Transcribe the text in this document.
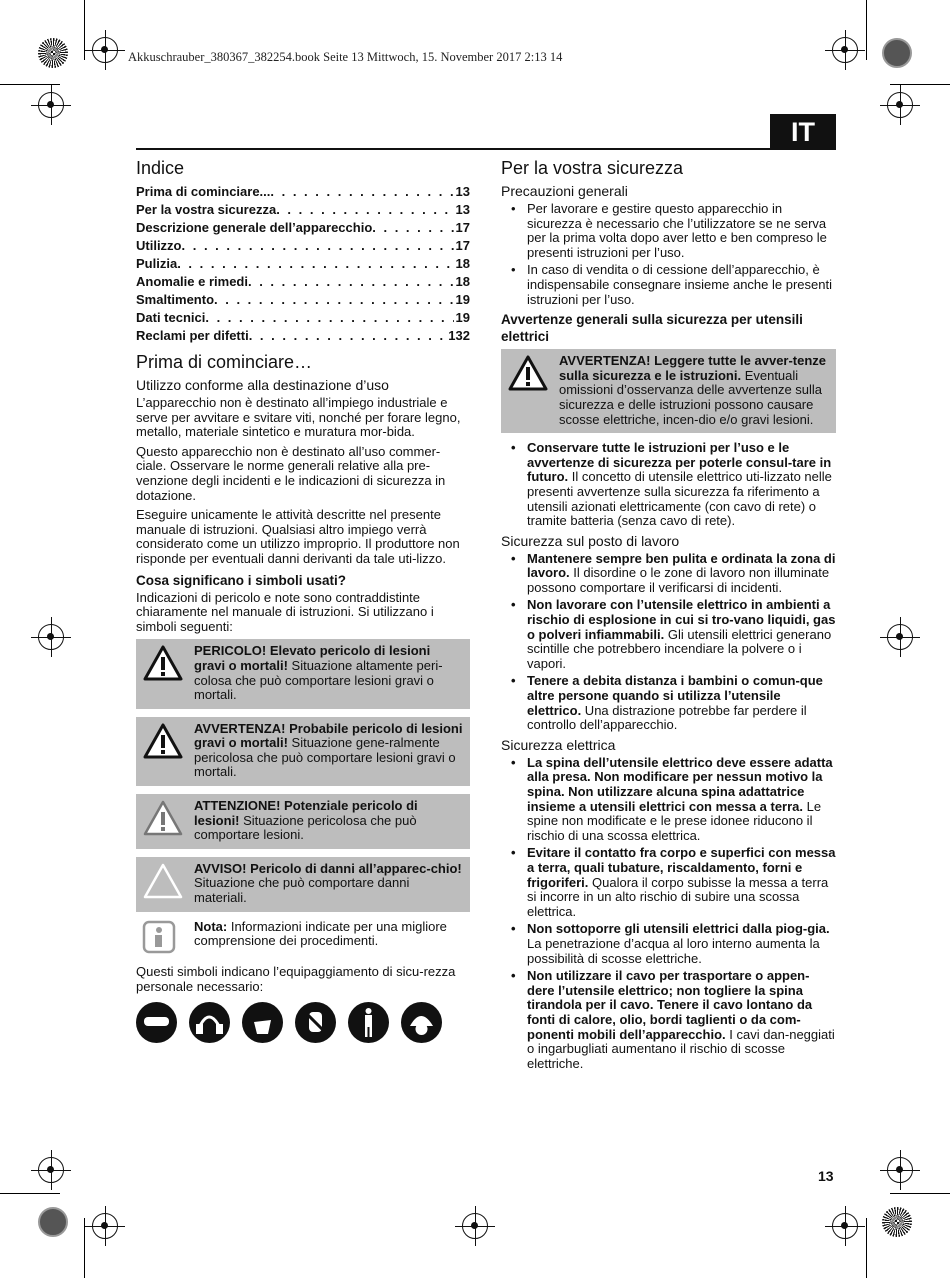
Akkuschrauber_380367_382254.book Seite 13 Mittwoch, 15. November 2017 2:13 14
IT
Indice
Prima di cominciare... . . .	13
Per la vostra sicurezza . . .	13
Descrizione generale dell’apparecchio . . .	17
Utilizzo . . .	17
Pulizia . . .	18
Anomalie e rimedi . . .	18
Smaltimento . . .	19
Dati tecnici . . .	19
Reclami per difetti . . .	132
Prima di cominciare…
Utilizzo conforme alla destinazione d’uso

L’apparecchio non è destinato all’impiego industriale e serve per avvitare e svitare viti, nonché per forare legno, metallo, materiale sintetico e muratura mor-bida.

Questo apparecchio non è destinato all’uso commer-ciale. Osservare le norme generali relative alla pre-venzione degli incidenti e le indicazioni di sicurezza in dotazione.

Eseguire unicamente le attività descritte nel presente manuale di istruzioni. Qualsiasi altro impiego verrà considerato come un utilizzo improprio. Il produttore non risponde per eventuali danni derivanti da tale uti-lizzo.

Cosa significano i simboli usati?

Indicazioni di pericolo e note sono contraddistinte chiaramente nel manuale di istruzioni. Si utilizzano i simboli seguenti:

PERICOLO! Elevato pericolo di lesioni gravi o mortali! Situazione altamente peri-colosa che può comportare lesioni gravi o mortali.
AVVERTENZA! Probabile pericolo di lesioni gravi o mortali! Situazione gene-ralmente pericolosa che può comportare lesioni gravi o mortali.
ATTENZIONE! Potenziale pericolo di lesioni! Situazione pericolosa che può comportare lesioni.
AVVISO! Pericolo di danni all’apparec-chio! Situazione che può comportare danni materiali.
Nota: Informazioni indicate per una migliore comprensione dei procedimenti.

Questi simboli indicano l’equipaggiamento di sicu-rezza personale necessario:

Per la vostra sicurezza
Precauzioni generali
• Per lavorare e gestire questo apparecchio in sicurezza è necessario che l’utilizzatore se ne serva per la prima volta dopo aver letto e ben compreso le presenti istruzioni per l’uso.
• In caso di vendita o di cessione dell’apparecchio, è indispensabile consegnare insieme anche le presenti istruzioni per l’uso.
Avvertenze generali sulla sicurezza per utensili elettrici
AVVERTENZA! Leggere tutte le avver-tenze sulla sicurezza e le istruzioni. Eventuali omissioni d’osservanza delle avvertenze sulla sicurezza e delle istruzioni possono causare scosse elettriche, incen-dio e/o gravi lesioni.
• Conservare tutte le istruzioni per l’uso e le avvertenze di sicurezza per poterle consul-tare in futuro. Il concetto di utensile elettrico uti-lizzato nelle presenti avvertenze sulla sicurezza fa riferimento a utensili azionati elettricamente (con cavo di rete) o tramite batteria (senza cavo di rete).
Sicurezza sul posto di lavoro
• Mantenere sempre ben pulita e ordinata la zona di lavoro. Il disordine o le zone di lavoro non illuminate possono comportare il verificarsi di incidenti.
• Non lavorare con l’utensile elettrico in ambienti a rischio di esplosione in cui si tro-vano liquidi, gas o polveri infiammabili. Gli utensili elettrici generano scintille che potrebbero incendiare la polvere o i vapori.
• Tenere a debita distanza i bambini o comun-que altre persone quando si utilizza l’utensile elettrico. Una distrazione potrebbe far perdere il controllo dell’apparecchio.
Sicurezza elettrica
• La spina dell’utensile elettrico deve essere adatta alla presa. Non modificare per nessun motivo la spina. Non utilizzare alcuna spina adattatrice insieme a utensili elettrici con messa a terra. Le spine non modificate e le prese idonee riducono il rischio di una scossa elettrica.
• Evitare il contatto fra corpo e superfici con messa a terra, quali tubature, riscaldamento, forni e frigoriferi. Qualora il corpo subisse la messa a terra si incorre in un alto rischio di subire una scossa elettrica.
• Non sottoporre gli utensili elettrici dalla piog-gia. La penetrazione d’acqua al loro interno aumenta la possibilità di scosse elettriche.
• Non utilizzare il cavo per trasportare o appen-dere l’utensile elettrico; non togliere la spina tirandola per il cavo. Tenere il cavo lontano da fonti di calore, olio, bordi taglienti o da com-ponenti mobili dell’apparecchio. I cavi dan-neggiati o ingarbugliati aumentano il rischio di scosse elettriche.
13
